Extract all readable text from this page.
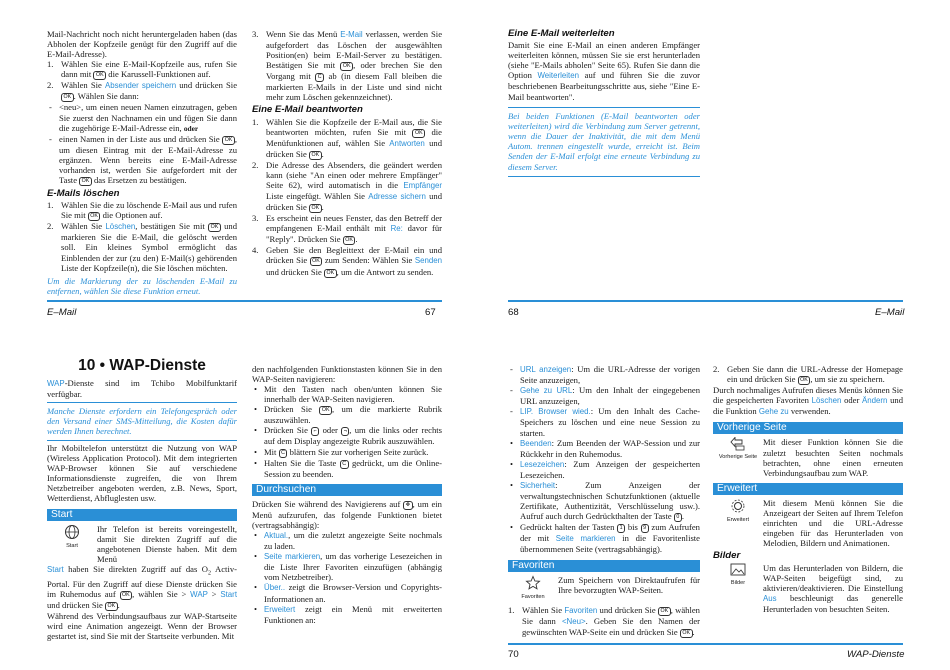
Mail-Nachricht noch nicht heruntergeladen haben (das Abholen der Kopfzeile genügt für den Zugriff auf die E-Mail-Adresse).

1. Wählen Sie eine E-Mail-Kopfzeile aus, rufen Sie dann mit OK die Karussell-Funktionen auf.
2. Wählen Sie Absender speichern und drücken Sie OK . Wählen Sie dann:
- <neu>, um einen neuen Namen einzutragen, geben Sie zuerst den Nachnamen ein und fügen Sie dann die zugehörige E-Mail-Adresse ein, oder
- einen Namen in der Liste aus und drücken Sie OK , um diesen Eintrag mit der E-Mail-Adresse zu ergänzen. Wenn bereits eine E-Mail-Adresse vorhanden ist, werden Sie aufgefordert mit der Taste OK das Ersetzen zu bestätigen.
E-Mails löschen
1. Wählen Sie die zu löschende E-Mail aus und rufen Sie mit OK die Optionen auf.
2. Wählen Sie Löschen, bestätigen Sie mit OK und markieren Sie die E-Mail, die gelöscht werden soll. Ein kleines Symbol ermöglicht das Einblenden der zur (zu den) E-Mail(s) gehörenden Liste der Kopfzeile(n), die Sie löschen möchten.

Um die Markierung der zu löschenden E-Mail zu entfernen, wählen Sie diese Funktion erneut.

3. Wenn Sie das Menü E-Mail verlassen, werden Sie aufgefordert das Löschen der ausgewählten Position(en) beim E-Mail-Server zu bestätigen. Bestätigen Sie mit OK , oder brechen Sie den Vorgang mit C ab (in diesem Fall bleiben die markierten E-Mails in der Liste und sind nicht mehr zum Löschen gekennzeichnet).
Eine E-Mail beantworten
1. Wählen Sie die Kopfzeile der E-Mail aus, die Sie beantworten möchten, rufen Sie mit OK die Menüfunktionen auf, wählen Sie Antworten und drücken Sie OK .
2. Die Adresse des Absenders, die geändert werden kann (siehe "An einen oder mehrere Empfänger" Seite 62), wird automatisch in die Empfänger Liste eingefügt. Wählen Sie Adresse sichern und drücken Sie OK .
3. Es erscheint ein neues Fenster, das den Betreff der empfangenen E-Mail enthält mit Re: davor für "Reply". Drücken Sie OK .
4. Geben Sie den Begleittext der E-Mail ein und drücken Sie OK zum Senden: Wählen Sie Senden und drücken Sie OK , um die Antwort zu senden.
E–Mail	67
Eine E-Mail weiterleiten

Damit Sie eine E-Mail an einen anderen Empfänger weiterleiten können, müssen Sie sie erst herunterladen (siehe "E-Mails abholen" Seite 65). Rufen Sie dann die Option Weiterleiten auf und führen Sie die zuvor beschriebenen Bearbeitungsschritte aus, siehe "Eine E-Mail beantworten".

Bei beiden Funktionen (E-Mail beantworten oder weiterleiten) wird die Verbindung zum Server getrennt, wenn die Dauer der Inaktivität, die mit dem Menü Autom. trennen eingestellt wurde, erreicht ist. Beim Senden der E-Mail erfolgt eine erneute Verbindung zu diesem Server.

68	E–Mail
10 • WAP-Dienste

WAP-Dienste sind im Tchibo Mobilfunktarif verfügbar.

Manche Dienste erfordern ein Telefongespräch oder den Versand einer SMS-Mitteilung, die Kosten dafür werden Ihnen berechnet.

Ihr Mobiltelefon unterstützt die Nutzung von WAP (Wireless Application Protocol). Mit dem integrierten WAP-Browser können Sie auf verschiedene Informationsdienste zugreifen, die von Ihrem Netzbetreiber angeboten werden, z.B. News, Sport, Wetterdienst, Abfluglesten usw.

Start
Start
Ihr Telefon ist bereits voreingestellt, damit Sie direkten Zugriff auf die angebotenen Dienste haben. Mit dem Menü

Start haben Sie direkten Zugriff auf das $O_2$ Activ-Portal. Für den Zugriff auf diese Dienste drücken Sie im Ruhemodus auf OK , wählen Sie > WAP > Start und drücken Sie OK .

Während des Verbindungsaufbaus zur WAP-Startseite wird eine Animation angezeigt. Wenn der Browser gestartet ist, sind Sie mit der Startseite verbunden. Mit

den nachfolgenden Funktionstasten können Sie in den WAP-Seiten navigieren:

• Mit den Tasten nach oben/unten können Sie innerhalb der WAP-Seiten navigieren.
• Drücken Sie OK , um die markierte Rubrik auszuwählen.
• Drücken Sie ⌐ oder ¬ , um die links oder rechts auf dem Display angezeigte Rubrik auszuwählen.
• Mit C blättern Sie zur vorherigen Seite zurück.
• Halten Sie die Taste C gedrückt, um die Online-Session zu beenden.
Durchsuchen

Drücken Sie während des Navigierens auf ✥ , um ein Menü aufzurufen, das folgende Funktionen bietet (vertragsabhängig):

• Aktual., um die zuletzt angezeigte Seite nochmals zu laden.
• Seite markieren, um das vorherige Lesezeichen in die Liste Ihrer Favoriten einzufügen (abhängig vom Netzbetreiber).
• Über.. zeigt die Browser-Version und Copyrights-Informationen an.
• Erweitert zeigt ein Menü mit erweiterten Funktionen an:
- URL anzeigen: Um die URL-Adresse der vorigen Seite anzuzeigen,
- Gehe zu URL: Um den Inhalt der eingegebenen URL anzuzeigen,
- LIP. Browser wied.: Um den Inhalt des Cache-Speichers zu löschen und eine neue Session zu starten.
• Beenden: Zum Beenden der WAP-Session und zur Rückkehr in den Ruhemodus.
• Lesezeichen: Zum Anzeigen der gespeicherten Lesezeichen.
• Sicherheit: Zum Anzeigen der verwaltungstechnischen Schutzfunktionen (aktuelle Zertifikate, Authentizität, Verschlüsselung usw.). Aufruf auch durch Gedrückthalten der Taste 0 .
• Gedrückt halten der Tasten 1 bis 9 zum Aufrufen der mit Seite markieren in die Favoritenliste übernommenen Seite (vertragsabhängig).
Favoriten
Favoriten
Zum Speichern von Direktaufrufen für Ihre bevorzugten WAP-Seiten.
1. Wählen Sie Favoriten und drücken Sie OK , wählen Sie dann <Neu>. Geben Sie den Namen der gewünschten WAP-Seite ein und drücken Sie OK .
2. Geben Sie dann die URL-Adresse der Homepage ein und drücken Sie OK , um sie zu speichern.

Durch nochmaliges Aufrufen dieses Menüs können Sie die gespeicherten Favoriten Löschen oder Ändern und die Funktion Gehe zu verwenden.

Vorherige Seite
Vorherige Seite
Mit dieser Funktion können Sie die zuletzt besuchten Seiten nochmals betrachten, ohne einen erneuten Verbindungsaufbau zum WAP.
Erweitert
Erweitert
Mit diesem Menü können Sie die Anzeigeart der Seiten auf Ihrem Telefon einrichten und die URL-Adresse eingeben für das Herunterladen von Melodien, Bildern und Animationen.
Bilder
Bilder
Um das Herunterladen von Bildern, die WAP-Seiten beigefügt sind, zu aktivieren/deaktivieren. Die Einstellung Aus beschleunigt das generelle Herunterladen von besuchten Seiten.
70	WAP-Dienste
